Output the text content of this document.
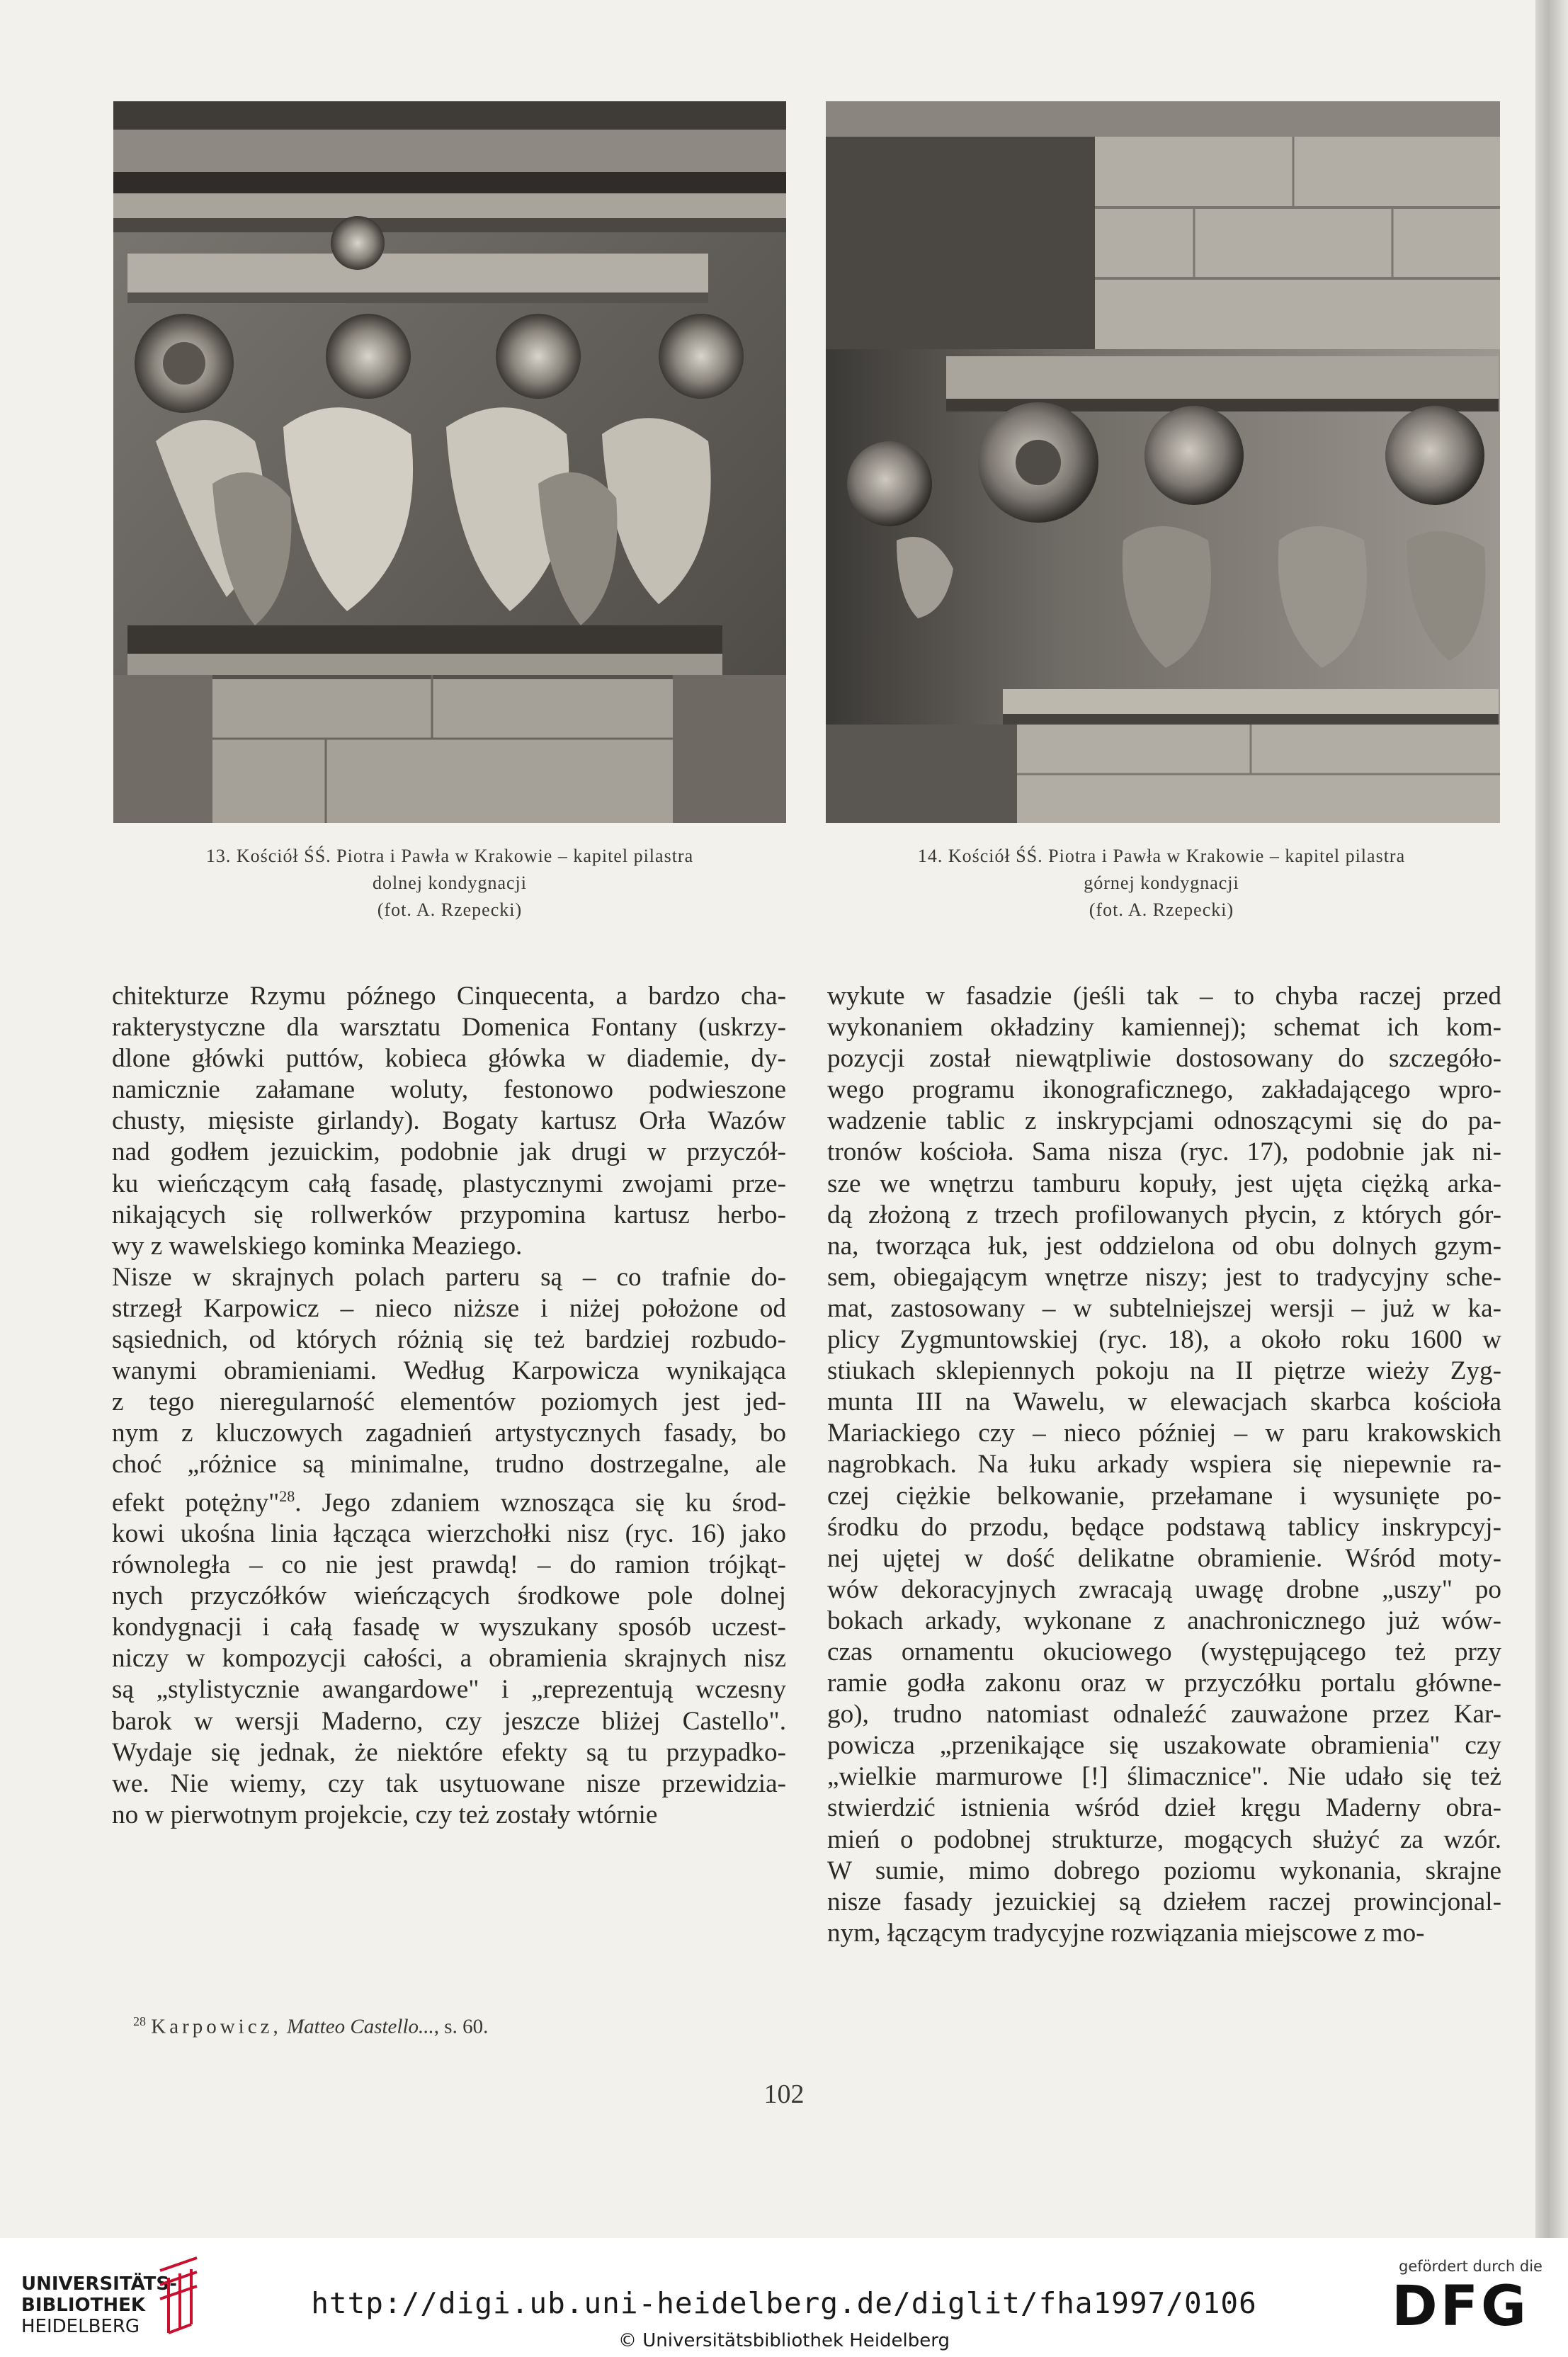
13. Kościół ŚŚ. Piotra i Pawła w Krakowie – kapitel pilastra
dolnej kondygnacji
(fot. A. Rzepecki)
14. Kościół ŚŚ. Piotra i Pawła w Krakowie – kapitel pilastra
górnej kondygnacji
(fot. A. Rzepecki)
chitekturze Rzymu późnego Cinquecenta, a bardzo cha-
rakterystyczne dla warsztatu Domenica Fontany (uskrzy-
dlone główki puttów, kobieca główka w diademie, dy-
namicznie załamane woluty, festonowo podwieszone
chusty, mięsiste girlandy). Bogaty kartusz Orła Wazów
nad godłem jezuickim, podobnie jak drugi w przyczół-
ku wieńczącym całą fasadę, plastycznymi zwojami prze-
nikających się rollwerków przypomina kartusz herbo-
wy z wawelskiego kominka Meaziego.
Nisze w skrajnych polach parteru są – co trafnie do-
strzegł Karpowicz – nieco niższe i niżej położone od
sąsiednich, od których różnią się też bardziej rozbudo-
wanymi obramieniami. Według Karpowicza wynikająca
z tego nieregularność elementów poziomych jest jed-
nym z kluczowych zagadnień artystycznych fasady, bo
choć „różnice są minimalne, trudno dostrzegalne, ale
efekt potężny"$^{28}$. Jego zdaniem wznosząca się ku środ-
kowi ukośna linia łącząca wierzchołki nisz (ryc. 16) jako
równoległa – co nie jest prawdą! – do ramion trójkąt-
nych przyczółków wieńczących środkowe pole dolnej
kondygnacji i całą fasadę w wyszukany sposób uczest-
niczy w kompozycji całości, a obramienia skrajnych nisz
są „stylistycznie awangardowe" i „reprezentują wczesny
barok w wersji Maderno, czy jeszcze bliżej Castello".
Wydaje się jednak, że niektóre efekty są tu przypadko-
we. Nie wiemy, czy tak usytuowane nisze przewidzia-
no w pierwotnym projekcie, czy też zostały wtórnie
wykute w fasadzie (jeśli tak – to chyba raczej przed
wykonaniem okładziny kamiennej); schemat ich kom-
pozycji został niewątpliwie dostosowany do szczegóło-
wego programu ikonograficznego, zakładającego wpro-
wadzenie tablic z inskrypcjami odnoszącymi się do pa-
tronów kościoła. Sama nisza (ryc. 17), podobnie jak ni-
sze we wnętrzu tamburu kopuły, jest ujęta ciężką arka-
dą złożoną z trzech profilowanych płycin, z których gór-
na, tworząca łuk, jest oddzielona od obu dolnych gzym-
sem, obiegającym wnętrze niszy; jest to tradycyjny sche-
mat, zastosowany – w subtelniejszej wersji – już w ka-
plicy Zygmuntowskiej (ryc. 18), a około roku 1600 w
stiukach sklepiennych pokoju na II piętrze wieży Zyg-
munta III na Wawelu, w elewacjach skarbca kościoła
Mariackiego czy – nieco później – w paru krakowskich
nagrobkach. Na łuku arkady wspiera się niepewnie ra-
czej ciężkie belkowanie, przełamane i wysunięte po-
środku do przodu, będące podstawą tablicy inskrypcyj-
nej ujętej w dość delikatne obramienie. Wśród moty-
wów dekoracyjnych zwracają uwagę drobne „uszy" po
bokach arkady, wykonane z anachronicznego już wów-
czas ornamentu okuciowego (występującego też przy
ramie godła zakonu oraz w przyczółku portalu główne-
go), trudno natomiast odnaleźć zauważone przez Kar-
powicza „przenikające się uszakowate obramienia" czy
„wielkie marmurowe [!] ślimacznice". Nie udało się też
stwierdzić istnienia wśród dzieł kręgu Maderny obra-
mień o podobnej strukturze, mogących służyć za wzór.
W sumie, mimo dobrego poziomu wykonania, skrajne
nisze fasady jezuickiej są dziełem raczej prowincjonal-
nym, łączącym tradycyjne rozwiązania miejscowe z mo-
$^{28}$ Karpowicz, Matteo Castello..., s. 60.
102
UNIVERSITÄTS-
BIBLIOTHEK
HEIDELBERG
http://digi.ub.uni-heidelberg.de/diglit/fha1997/0106
© Universitätsbibliothek Heidelberg
gefördert durch die
DFG
